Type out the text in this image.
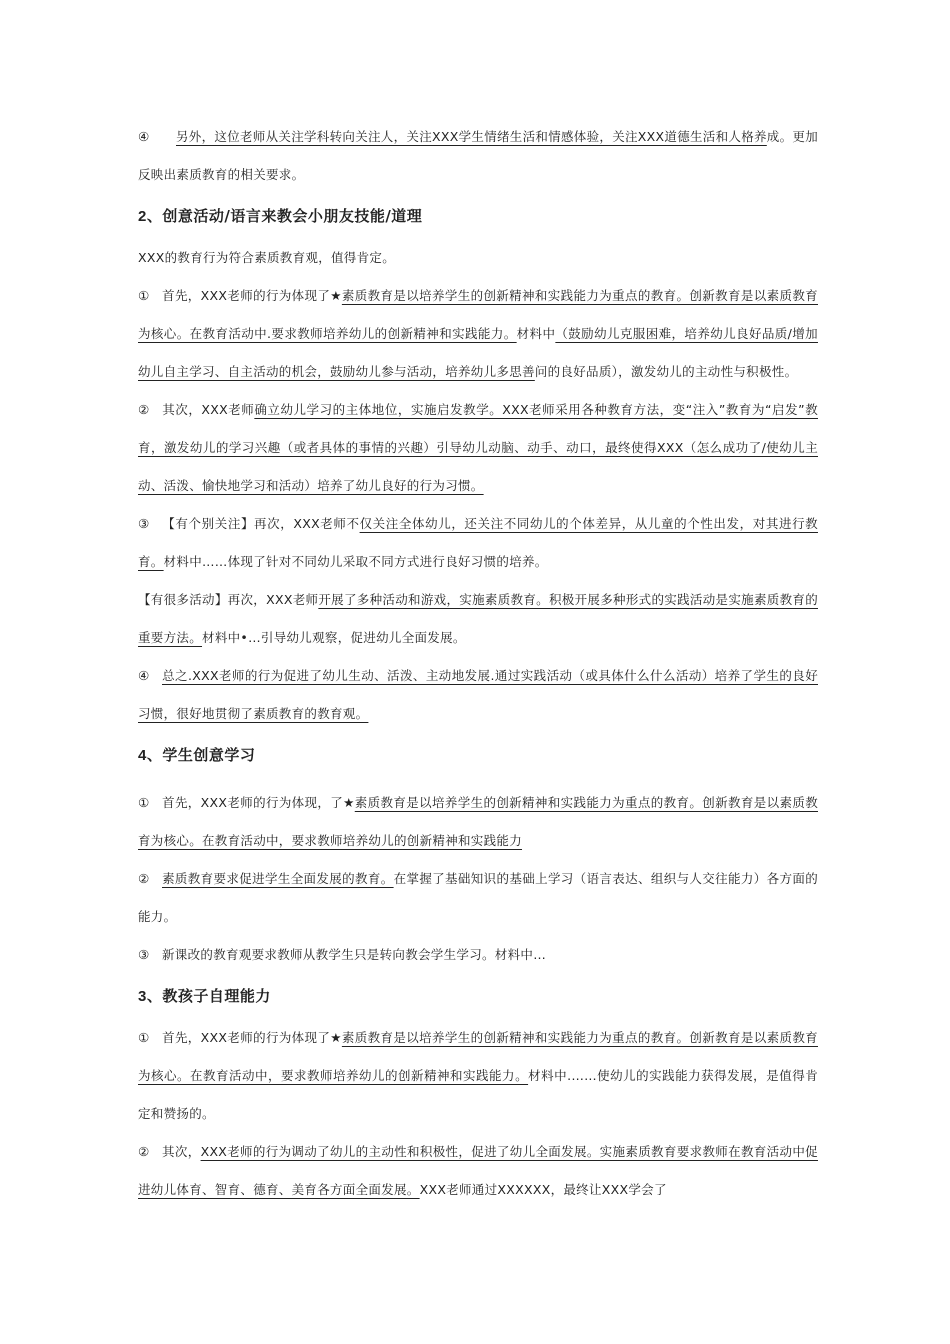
④ 另外，这位老师从关注学科转向关注人，关注XXX学生情绪生活和情感体验，关注XXX道德生活和人格养成。更加反映出素质教育的相关要求。

2、创意活动/语言来教会小朋友技能/道理

XXX的教育行为符合素质教育观，值得肯定。

① 首先，XXX老师的行为体现了★素质教育是以培养学生的创新精神和实践能力为重点的教育。创新教育是以素质教育为核心。在教育活动中.要求教师培养幼儿的创新精神和实践能力。材料中（鼓励幼儿克服困难，培养幼儿良好品质/增加幼儿自主学习、自主活动的机会，鼓励幼儿参与活动，培养幼儿多思善问的良好品质），激发幼儿的主动性与积极性。

② 其次，XXX老师确立幼儿学习的主体地位，实施启发教学。XXX老师采用各种教育方法，变“注入”教育为“启发”教育，激发幼儿的学习兴趣（或者具体的事情的兴趣）引导幼儿动脑、动手、动口，最终使得XXX（怎么成功了/使幼儿主动、活泼、愉快地学习和活动）培养了幼儿良好的行为习惯。

③ 【有个别关注】再次，XXX老师不仅关注全体幼儿，还关注不同幼儿的个体差异，从儿童的个性出发，对其进行教育。材料中……体现了针对不同幼儿采取不同方式进行良好习惯的培养。

【有很多活动】再次，XXX老师开展了多种活动和游戏，实施素质教育。积极开展多种形式的实践活动是实施素质教育的重要方法。材料中•…引导幼儿观察，促进幼儿全面发展。

④ 总之.XXX老师的行为促进了幼儿生动、活泼、主动地发展.通过实践活动（或具体什么什么活动）培养了学生的良好习惯，很好地贯彻了素质教育的教育观。

4、学生创意学习

① 首先，XXX老师的行为体现，了★素质教育是以培养学生的创新精神和实践能力为重点的教育。创新教育是以素质教育为核心。在教育活动中，要求教师培养幼儿的创新精神和实践能力

② 素质教育要求促进学生全面发展的教育。在掌握了基础知识的基础上学习（语言表达、组织与人交往能力）各方面的能力。

③ 新课改的教育观要求教师从教学生只是转向教会学生学习。材料中…

3、教孩子自理能力

① 首先，XXX老师的行为体现了★素质教育是以培养学生的创新精神和实践能力为重点的教育。创新教育是以素质教育为核心。在教育活动中，要求教师培养幼儿的创新精神和实践能力。材料中.……使幼儿的实践能力获得发展，是值得肯定和赞扬的。

② 其次，XXX老师的行为调动了幼儿的主动性和积极性，促进了幼儿全面发展。实施素质教育要求教师在教育活动中促进幼儿体育、智育、德育、美育各方面全面发展。XXX老师通过XXXXXX，最终让XXX学会了
